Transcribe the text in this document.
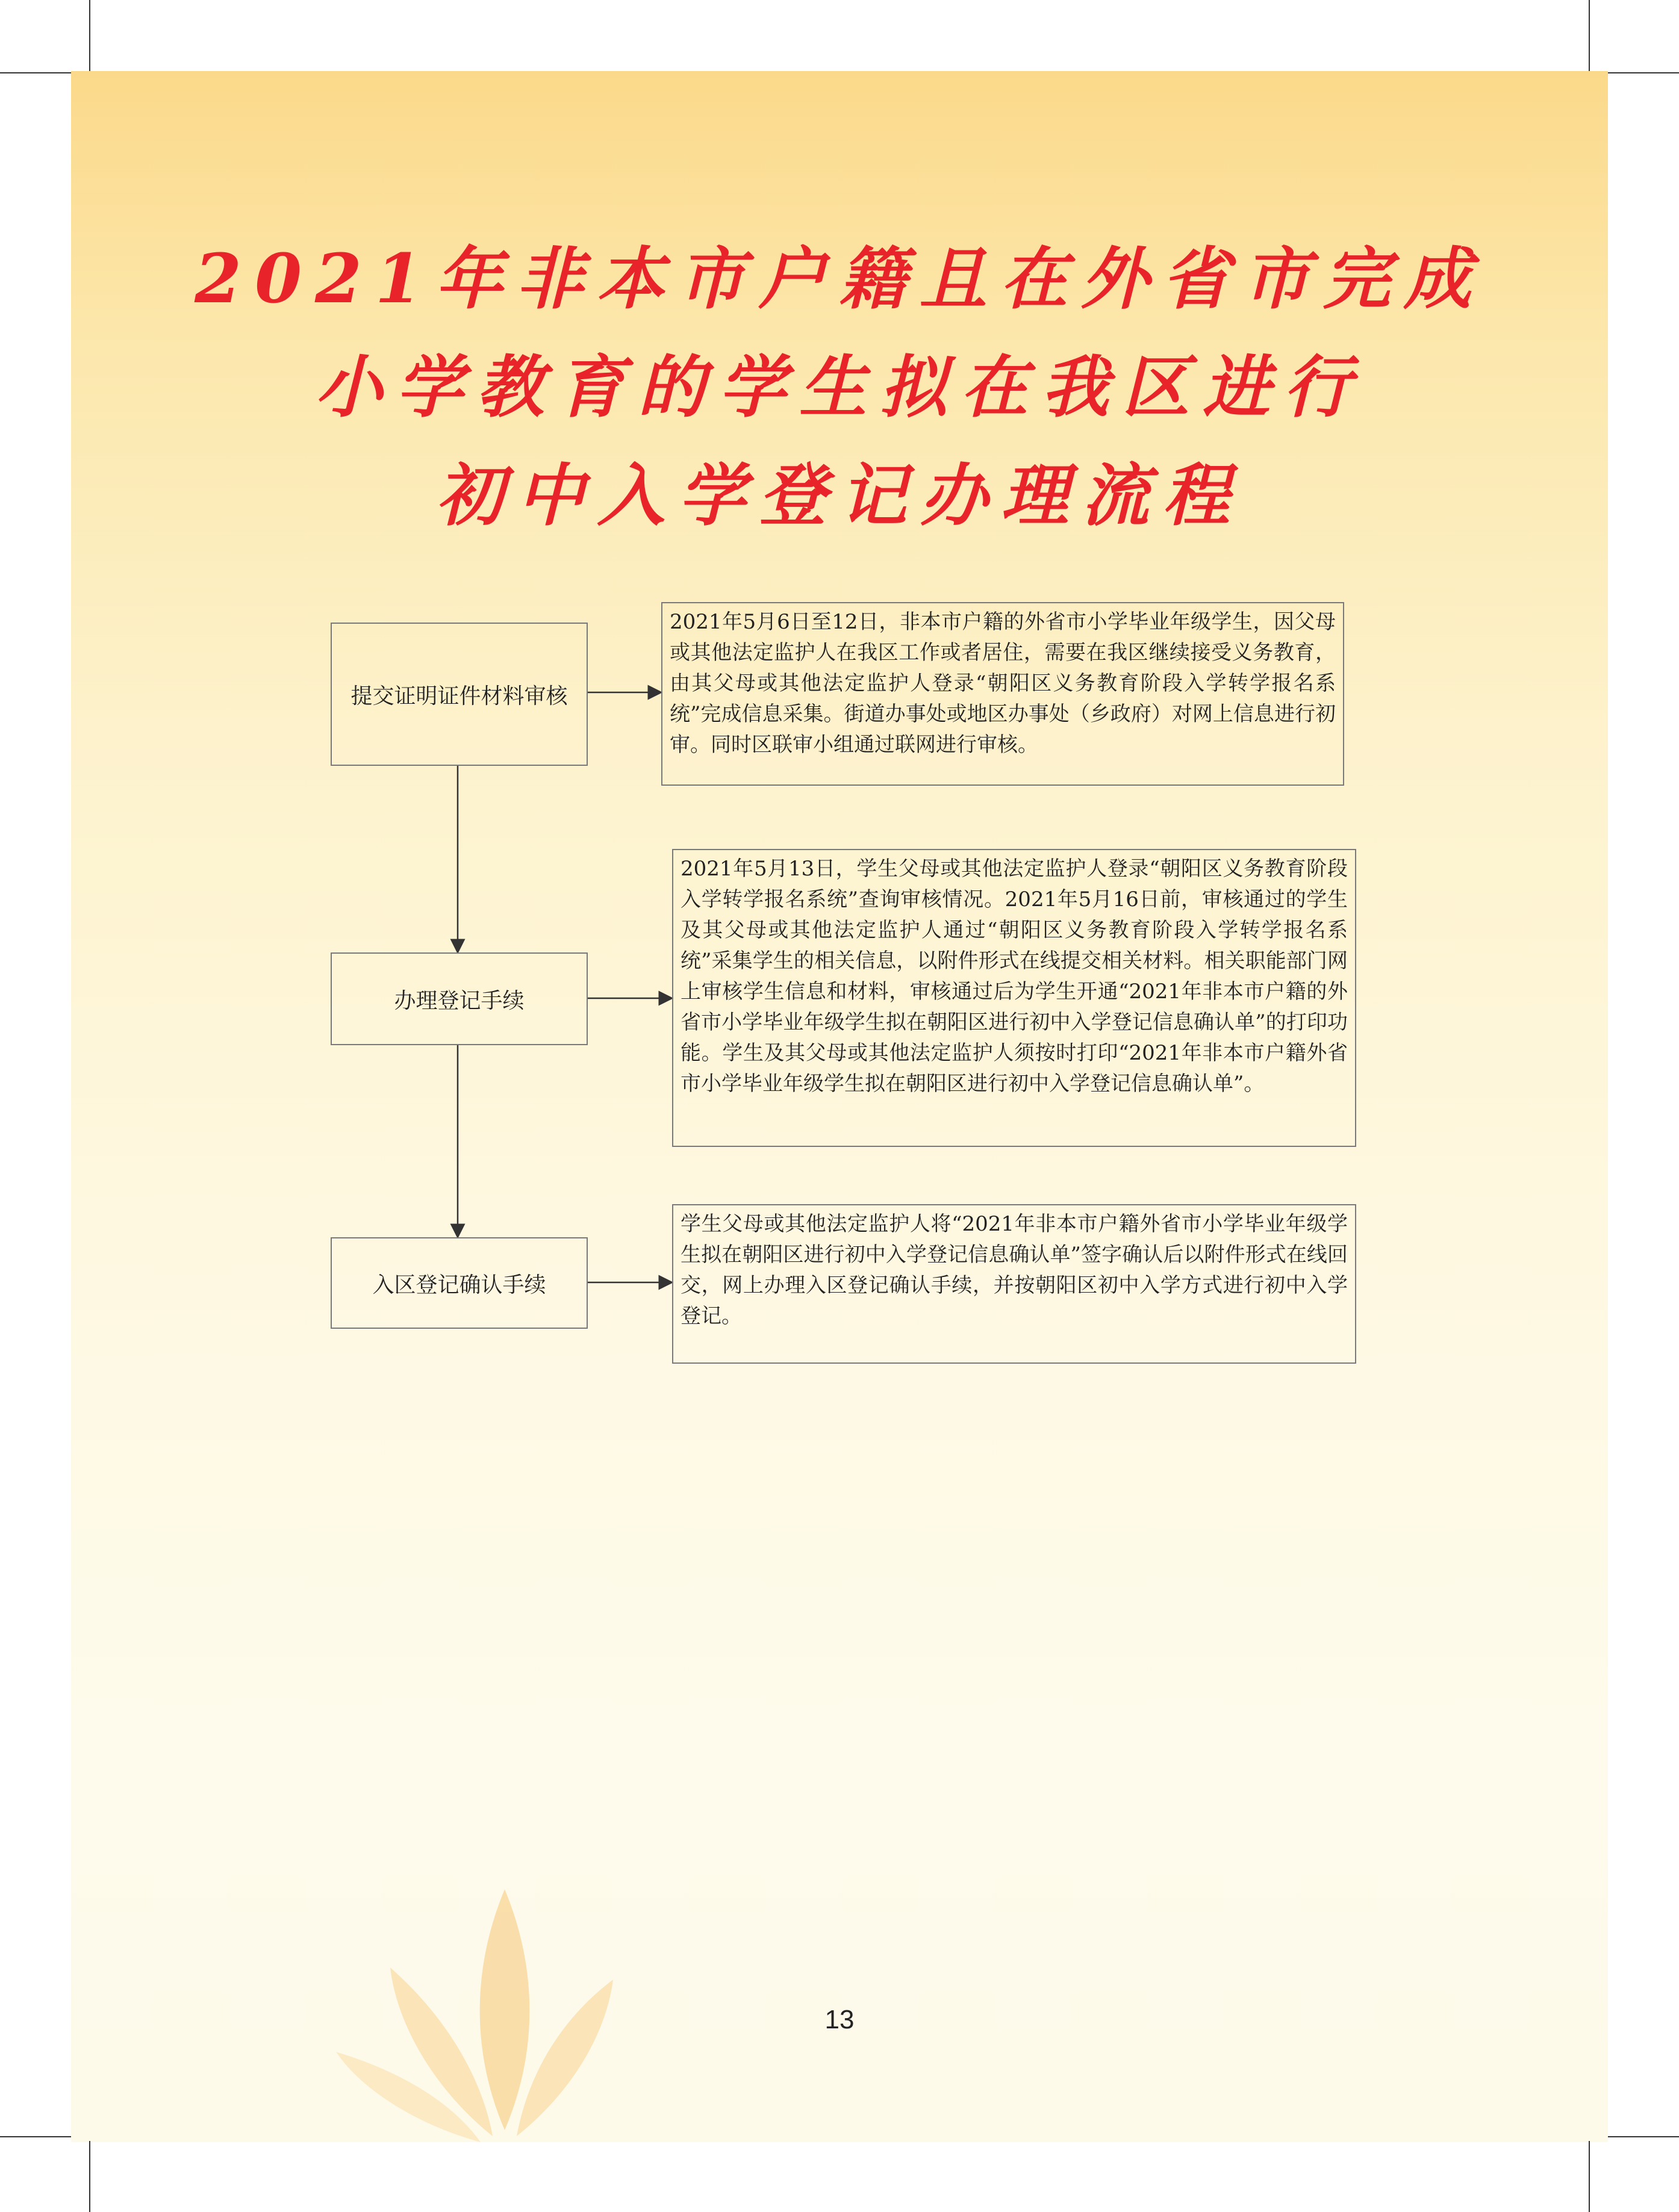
2021年非本市户籍且在外省市完成
小学教育的学生拟在我区进行
初中入学登记办理流程
提交证明证件材料审核
办理登记手续
入区登记确认手续
2021年5月6日至12日，非本市户籍的外省市小学毕业年级学生，因父母或其他法定监护人在我区工作或者居住，需要在我区继续接受义务教育，由其父母或其他法定监护人登录“朝阳区义务教育阶段入学转学报名系统”完成信息采集。街道办事处或地区办事处（乡政府）对网上信息进行初审。同时区联审小组通过联网进行审核。
2021年5月13日，学生父母或其他法定监护人登录“朝阳区义务教育阶段入学转学报名系统”查询审核情况。2021年5月16日前，审核通过的学生及其父母或其他法定监护人通过“朝阳区义务教育阶段入学转学报名系统”采集学生的相关信息，以附件形式在线提交相关材料。相关职能部门网上审核学生信息和材料，审核通过后为学生开通“2021年非本市户籍的外省市小学毕业年级学生拟在朝阳区进行初中入学登记信息确认单”的打印功能。学生及其父母或其他法定监护人须按时打印“2021年非本市户籍外省市小学毕业年级学生拟在朝阳区进行初中入学登记信息确认单”。
学生父母或其他法定监护人将“2021年非本市户籍外省市小学毕业年级学生拟在朝阳区进行初中入学登记信息确认单”签字确认后以附件形式在线回交，网上办理入区登记确认手续，并按朝阳区初中入学方式进行初中入学登记。
13
